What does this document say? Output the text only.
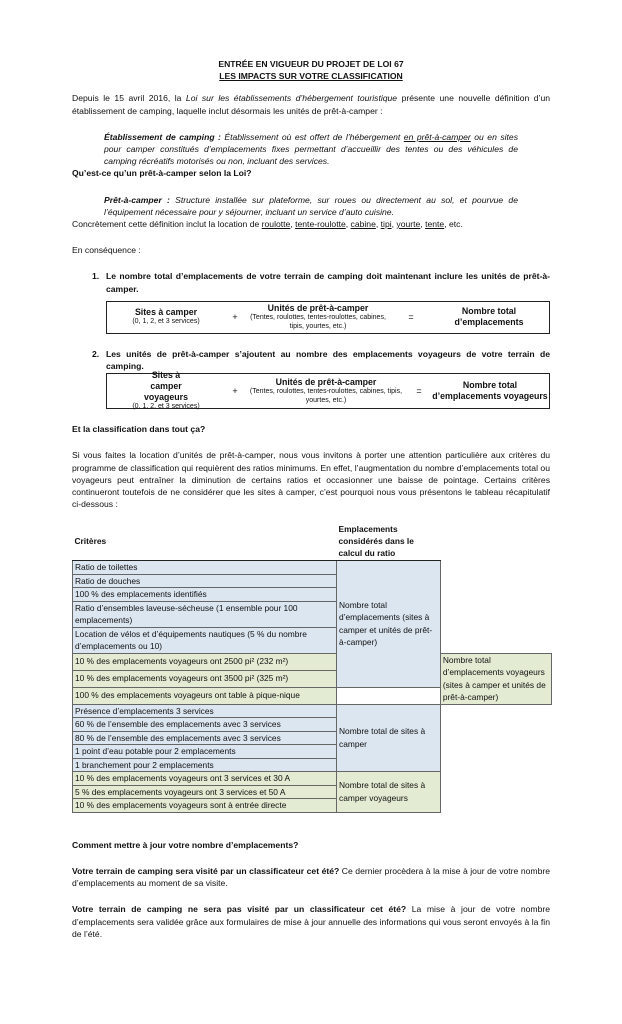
ENTRÉE EN VIGUEUR DU PROJET DE LOI 67
LES IMPACTS SUR VOTRE CLASSIFICATION

Depuis le 15 avril 2016, la Loi sur les établissements d’hébergement touristique présente une nouvelle définition d’un établissement de camping, laquelle inclut désormais les unités de prêt-à-camper :

Établissement de camping : Établissement où est offert de l’hébergement en prêt-à-camper ou en sites pour camper constitués d’emplacements fixes permettant d’accueillir des tentes ou des véhicules de camping récréatifs motorisés ou non, incluant des services.

Qu’est-ce qu’un prêt-à-camper selon la Loi?

Prêt-à-camper : Structure installée sur plateforme, sur roues ou directement au sol, et pourvue de l’équipement nécessaire pour y séjourner, incluant un service d’auto cuisine.

Concrètement cette définition inclut la location de roulotte, tente-roulotte, cabine, tipi, yourte, tente, etc.

En conséquence :

1. Le nombre total d’emplacements de votre terrain de camping doit maintenant inclure les unités de prêt-à-camper.
Sites à camper
(0, 1, 2, et 3 services)	+
Unités de prêt-à-camper
(Tentes, roulottes, tentes-roulottes, cabines, tipis, yourtes, etc.)
=
Nombre total d’emplacements
2. Les unités de prêt-à-camper s’ajoutent au nombre des emplacements voyageurs de votre terrain de camping.
Sites à camper voyageurs
(0, 1, 2, et 3 services)
+
Unités de prêt-à-camper
(Tentes, roulottes, tentes-roulottes, cabines, tipis, yourtes, etc.)
=
Nombre total d’emplacements voyageurs

Et la classification dans tout ça?

Si vous faites la location d’unités de prêt-à-camper, nous vous invitons à porter une attention particulière aux critères du programme de classification qui requièrent des ratios minimums. En effet, l’augmentation du nombre d’emplacements total ou voyageurs peut entraîner la diminution de certains ratios et occasionner une baisse de pointage. Certains critères continueront toutefois de ne considérer que les sites à camper, c’est pourquoi nous vous présentons le tableau récapitulatif ci-dessous :

Critères	Emplacements considérés dans le calcul du ratio	
Ratio de toilettes	Nombre total d’emplacements (sites à camper et unités de prêt-à-camper)	
Ratio de douches		
100 % des emplacements identifiés		
Ratio d’ensembles laveuse-sécheuse (1 ensemble pour 100 emplacements)		
Location de vélos et d’équipements nautiques (5 % du nombre d’emplacements ou 10)		
10 % des emplacements voyageurs ont 2500 pi² (232 m²)		Nombre total d’emplacements voyageurs (sites à camper et unités de prêt-à-camper)
10 % des emplacements voyageurs ont 3500 pi² (325 m²)		
100 % des emplacements voyageurs ont table à pique-nique		
Présence d’emplacements 3 services	Nombre total de sites à camper	
60 % de l’ensemble des emplacements avec 3 services		
80 % de l’ensemble des emplacements avec 3 services		
1 point d’eau potable pour 2 emplacements		
1 branchement pour 2 emplacements		
10 % des emplacements voyageurs ont 3 services et 30 A	Nombre total de sites à camper voyageurs	
5 % des emplacements voyageurs ont 3 services et 50 A		
10 % des emplacements voyageurs sont à entrée directe		

Comment mettre à jour votre nombre d’emplacements?

Votre terrain de camping sera visité par un classificateur cet été? Ce dernier procèdera à la mise à jour de votre nombre d’emplacements au moment de sa visite.

Votre terrain de camping ne sera pas visité par un classificateur cet été? La mise à jour de votre nombre d’emplacements sera validée grâce aux formulaires de mise à jour annuelle des informations qui vous seront envoyés à la fin de l’été.
